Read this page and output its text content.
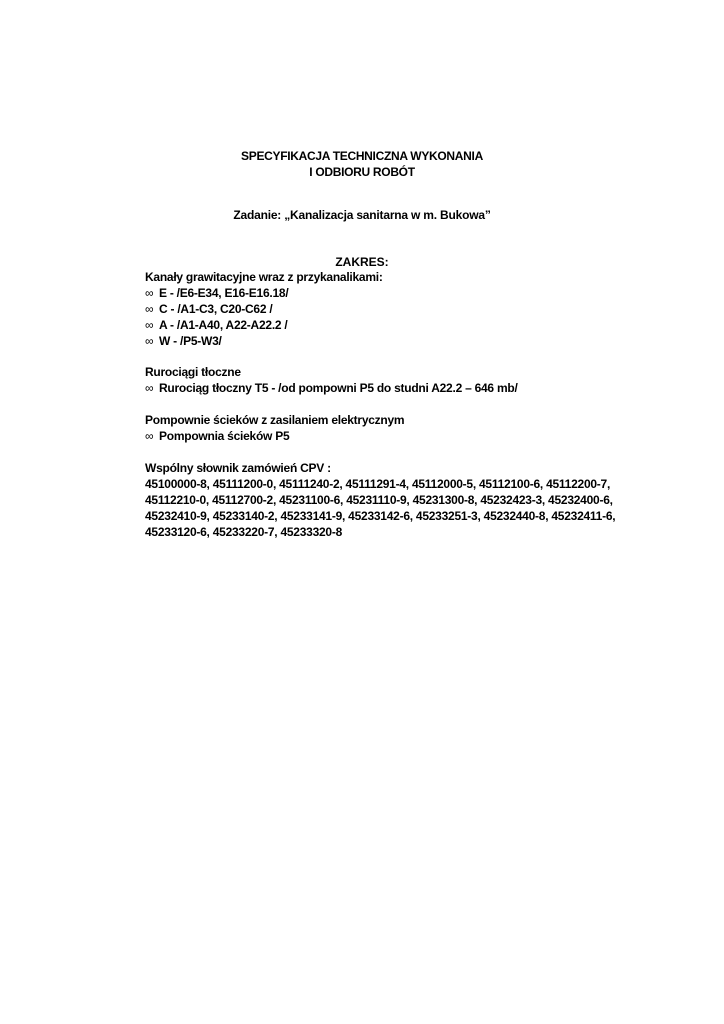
SPECYFIKACJA TECHNICZNA WYKONANIA
I ODBIORU ROBÓT
Zadanie: „Kanalizacja sanitarna w m. Bukowa”
ZAKRES:
Kanały grawitacyjne wraz z przykanalikami:
∞ E - /E6-E34, E16-E16.18/
∞ C - /A1-C3, C20-C62 /
∞ A - /A1-A40, A22-A22.2 /
∞ W - /P5-W3/
Rurociągi tłoczne
∞ Rurociąg tłoczny T5 - /od pompowni P5 do studni A22.2 – 646 mb/
Pompownie ścieków z zasilaniem elektrycznym
∞ Pompownia ścieków P5
Wspólny słownik zamówień CPV :
45100000-8, 45111200-0, 45111240-2, 45111291-4, 45112000-5, 45112100-6, 45112200-7,
45112210-0, 45112700-2, 45231100-6, 45231110-9, 45231300-8, 45232423-3, 45232400-6,
45232410-9, 45233140-2, 45233141-9, 45233142-6, 45233251-3, 45232440-8, 45232411-6,
45233120-6, 45233220-7, 45233320-8
